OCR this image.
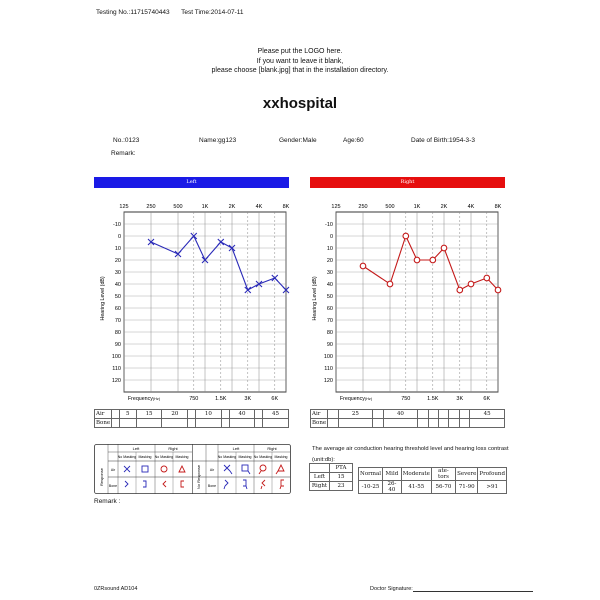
Testing No.:11715740443 Test Time:2014-07-11
Please put the LOGO here.
If you want to leave it blank,
please choose [blank.jpg] that in the installation directory.
xxhospital
No.:0123	Name:gg123	Gender:Male	Age:60	Date of Birth:1954-3-3
Remark:
Left	Right
-10
0
10
20
30
40
50
60
70
80
90
100
110
120
125	250	500	1K	2K	4K	8K
750	1.5K	3K	6K
Frequency(Hz)
Hearing Level (dB)
-10
0
10
20
30
40
50
60
70
80
90
100
110
120
125	250	500	1K	2K	4K	8K
750	1.5K	3K	6K
Frequency(Hz)
Hearing Level (dB)
Air		5	15	20		10		40		45
Bone										
Air		25		40						45
Bone										
Left	Right	Left	Right
No Masking Masking No Masking Masking	No Masking Masking No Masking Masking
Response	No Response
Air
Bone
Air
Bone
The average air conduction hearing threshold level and hearing loss contrast
(unit:db):
	PTA
Left	15
Right	23
Normal	Mild	Moderate	ate-tors	Severe	Profound
-10-25	26-40	41-55	56-70	71-90	>91
Remark :
0ZRsound AD104	Doctor Signature:
